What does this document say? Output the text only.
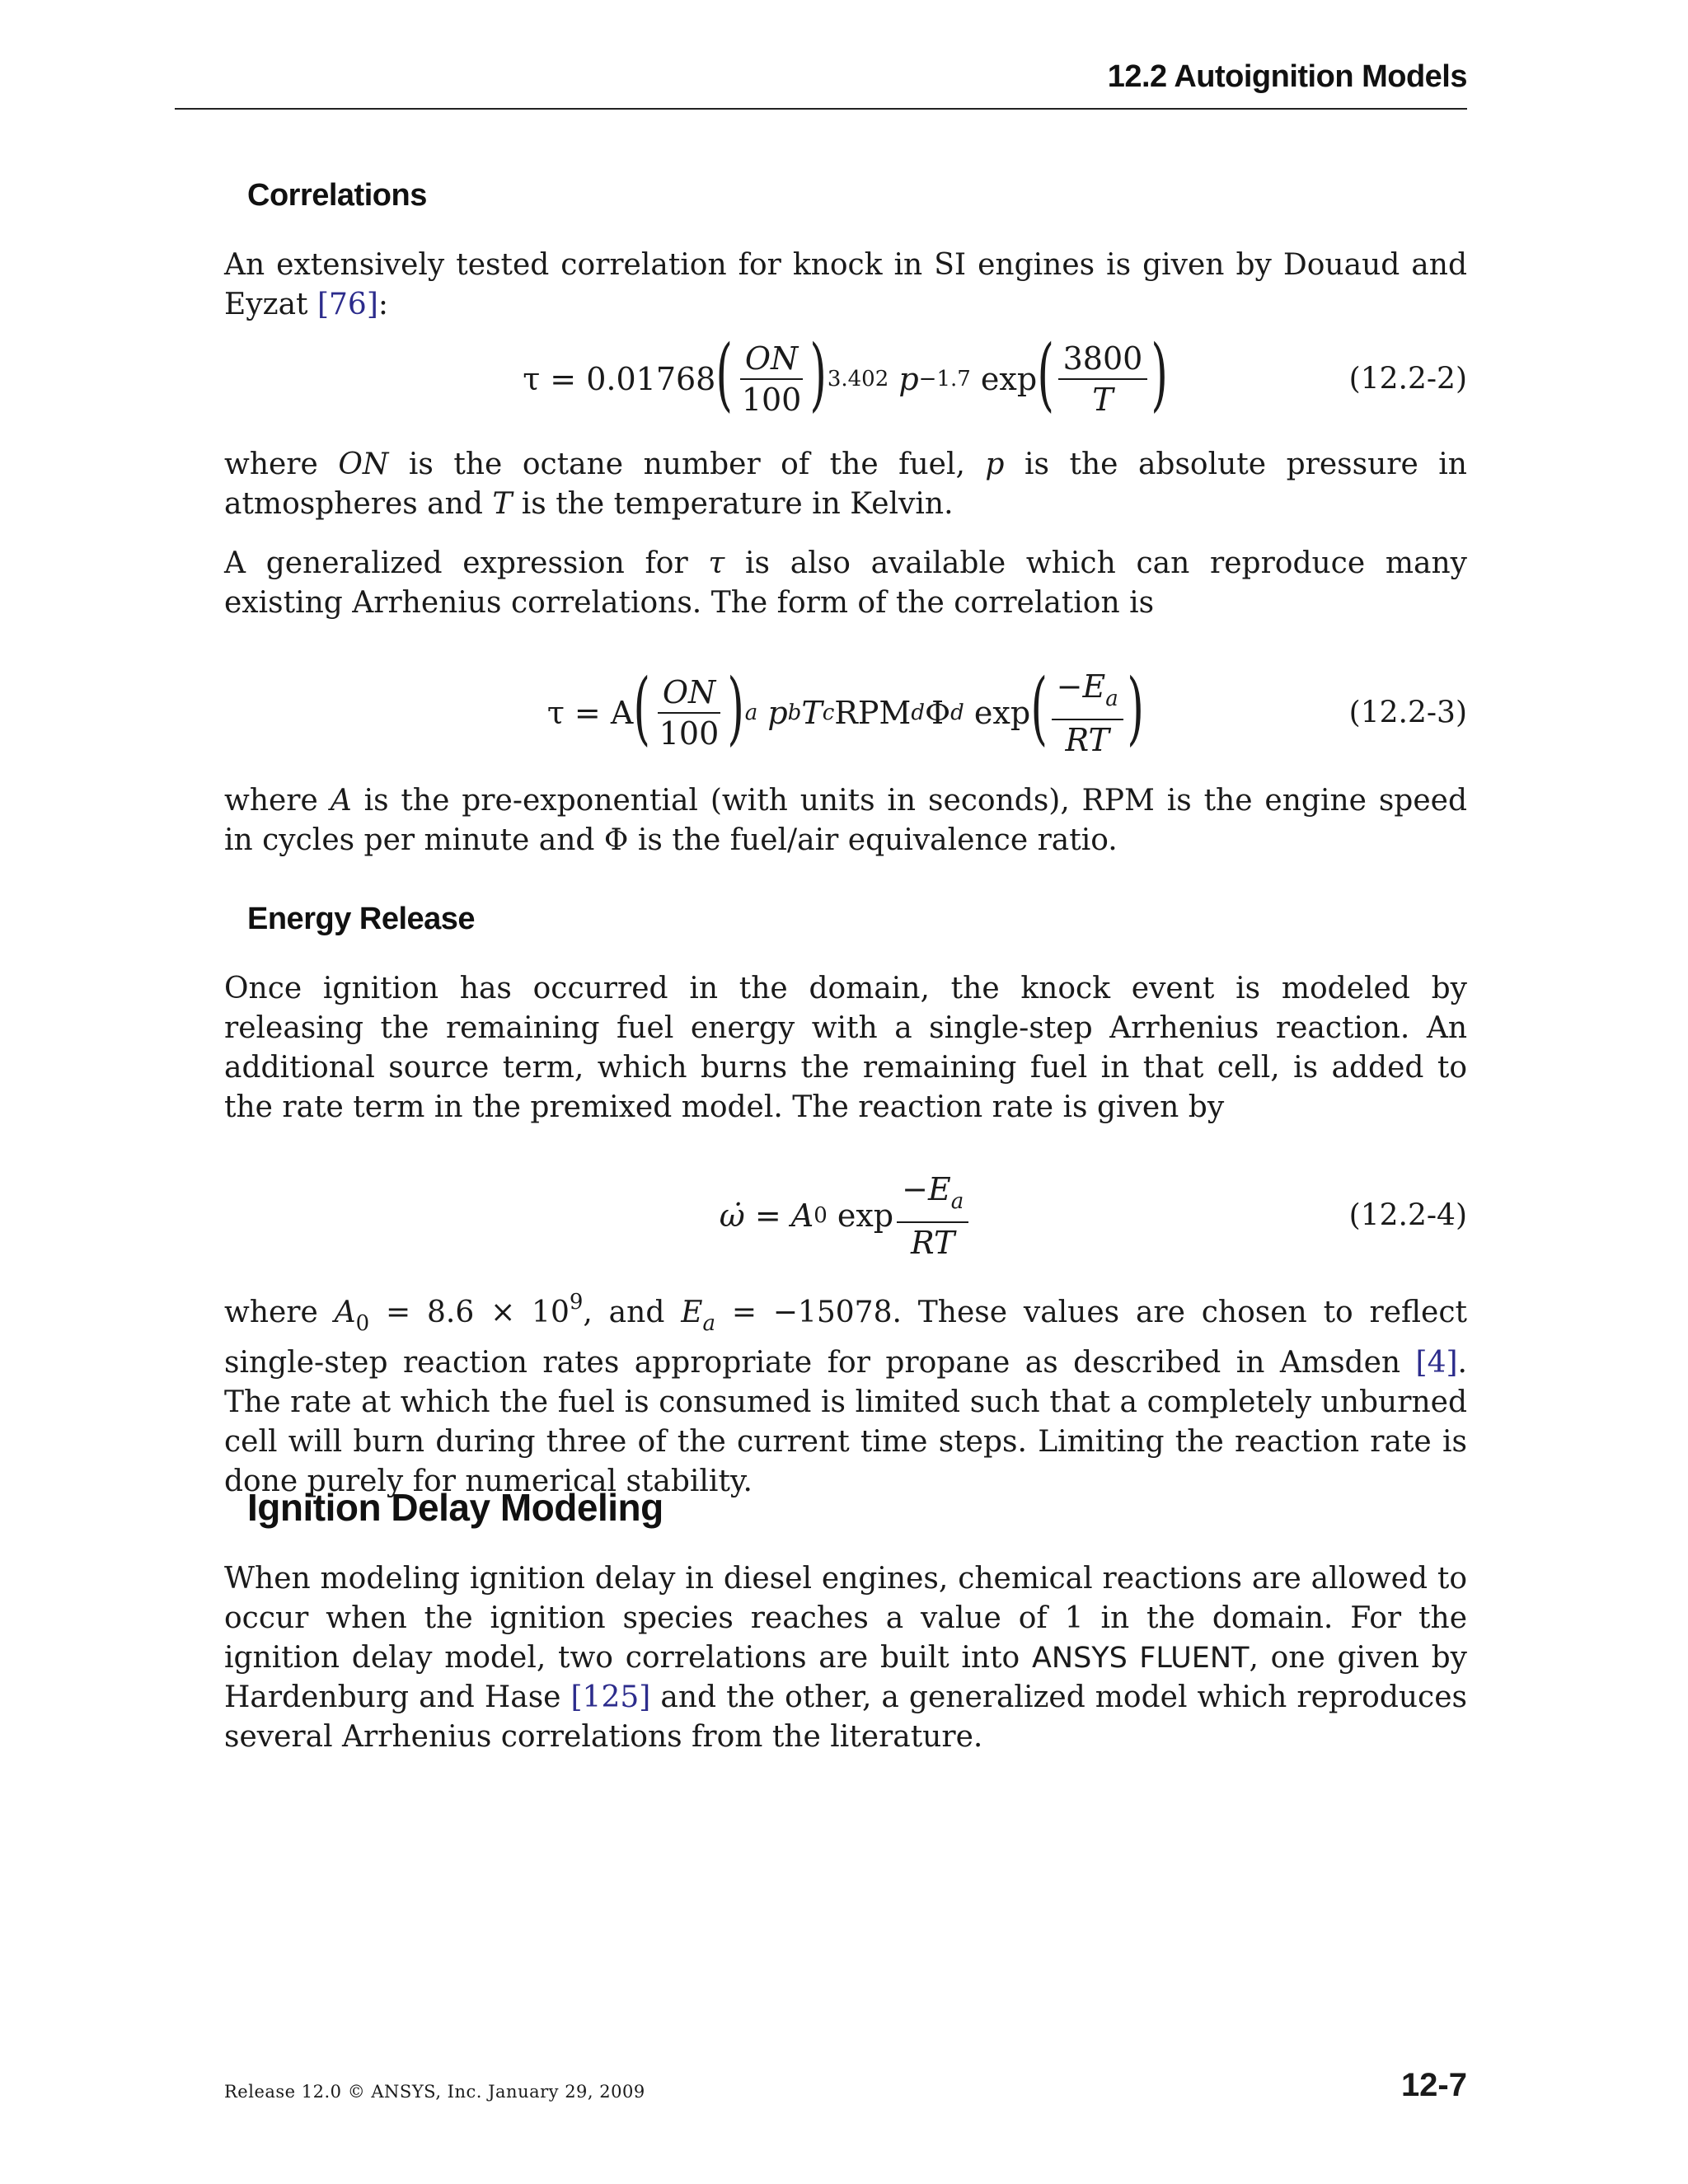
12.2 Autoignition Models
Correlations

An extensively tested correlation for knock in SI engines is given by Douaud and Eyzat [76]:

τ = 0.01768 ( $\frac{ON}{100}$ ) 3.402
p −1.7
exp ( $\frac{3800}{T}$ )	(12.2-2)

where ON is the octane number of the fuel, p is the absolute pressure in atmospheres and T is the temperature in Kelvin.

A generalized expression for τ is also available which can reproduce many existing Arrhenius correlations. The form of the correlation is

τ = A ( $\frac{ON}{100}$ ) a
p b T c RPM d Φ d
exp ( $\frac{-E_a}{RT}$ )	(12.2-3)

where A is the pre-exponential (with units in seconds), RPM is the engine speed in cycles per minute and Φ is the fuel/air equivalence ratio.

Energy Release

Once ignition has occurred in the domain, the knock event is modeled by releasing the remaining fuel energy with a single-step Arrhenius reaction. An additional source term, which burns the remaining fuel in that cell, is added to the rate term in the premixed model. The reaction rate is given by

ω̇ = A 0
$\exp \frac{-E_a}{RT}$	(12.2-4)

where $A_0 = 8.6 \times 10^9$, and $E_a = -15078$. These values are chosen to reflect single-step reaction rates appropriate for propane as described in Amsden [4]. The rate at which the fuel is consumed is limited such that a completely unburned cell will burn during three of the current time steps. Limiting the reaction rate is done purely for numerical stability.

Ignition Delay Modeling

When modeling ignition delay in diesel engines, chemical reactions are allowed to occur when the ignition species reaches a value of 1 in the domain. For the ignition delay model, two correlations are built into ANSYS FLUENT, one given by Hardenburg and Hase [125] and the other, a generalized model which reproduces several Arrhenius correlations from the literature.

Release 12.0 © ANSYS, Inc. January 29, 2009	12-7
